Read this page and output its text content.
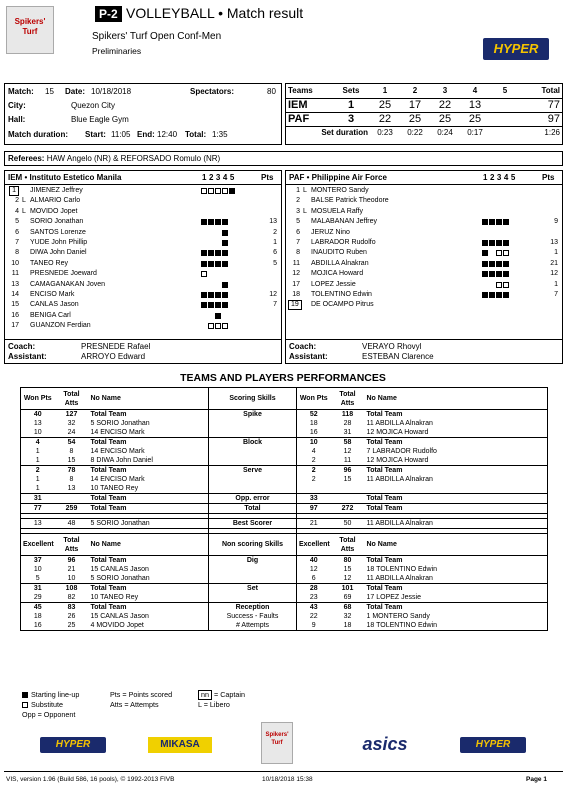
Spikers' Turf
P-2 VOLLEYBALL • Match result
Spikers' Turf Open Conf-Men
Preliminaries	HYPER
Match: 15 Date: 10/18/2018	Spectators:	80
City:	Quezon City
Hall:	Blue Eagle Gym
Match duration: Start: 11:05 End: 12:40 Total: 1:35
Teams	Sets	1	2	3	4	5	Total
IEM	1	25	17	22	13		77
PAF	3	22	25	25	25		97
Set duration		0:23	0:22	0:24	0:17		1:26
Referees: HAW Angelo (NR) & REFORSADO Romulo (NR)
IEM • Instituto Estetico Manila	12345	Pts
1	JIMENEZ Jeffrey
2 L ALMARIO Carlo
4 L MOVIDO Jopet
5 SORIO Jonathan	13
6 SANTOS Lorenze	2
7 YUDE John Phillip	1
8 DIWA John Daniel	6
10 TANEO Rey	5
11 PRESNEDE Joeward
13 CAMAGANAKAN Joven
14 ENCISO Mark	12
15 CANLAS Jason	7
16 BENIGA Carl
17 GUANZON Ferdian
Coach:	PRESNEDE Rafael
Assistant:	ARROYO Edward
PAF • Philippine Air Force	12345	Pts
1 L MONTERO Sandy
2 BALSE Patrick Theodore
3 L MOSUELA Raffy
5 MALABANAN Jeffrey	9
6 JERUZ Nino
7 LABRADOR Rudolfo	13
8 INAUDITO Ruben	1
11 ABDILLA Alnakran	21
12 MOJICA Howard	12
17 LOPEZ Jessie	1
18 TOLENTINO Edwin	7
19 DE OCAMPO Pitrus
Coach:	VERAYO Rhovyl
Assistant:	ESTEBAN Clarence
TEAMS AND PLAYERS PERFORMANCES
Won Pts	Total Atts	No Name	Scoring Skills	Won Pts	Total Atts	No Name
40	127	Total Team	Spike	52	118	Total Team
13	32	5 SORIO Jonathan		18	28	11 ABDILLA Alnakran
10	24	14 ENCISO Mark		16	31	12 MOJICA Howard
4	54	Total Team	Block	10	58	Total Team
1	8	14 ENCISO Mark		4	12	7 LABRADOR Rudolfo
1	15	8 DIWA John Daniel		2	11	12 MOJICA Howard
2	78	Total Team	Serve	2	96	Total Team
1	8	14 ENCISO Mark		2	15	11 ABDILLA Alnakran
1	13	10 TANEO Rey				
31		Total Team	Opp. error	33		Total Team
77	259	Total Team	Total	97	272	Total Team

13	48	5 SORIO Jonathan	Best Scorer	21	50	11 ABDILLA Alnakran

Excellent	Total Atts	No Name	Non scoring Skills	Excellent	Total Atts	No Name
37	96	Total Team	Dig	40	80	Total Team
10	21	15 CANLAS Jason		12	15	18 TOLENTINO Edwin
5	10	5 SORIO Jonathan		6	12	11 ABDILLA Alnakran
31	108	Total Team	Set	28	101	Total Team
29	82	10 TANEO Rey		23	69	17 LOPEZ Jessie
45	83	Total Team	Reception	43	68	Total Team
18	26	15 CANLAS Jason	Success - Faults	22	32	1 MONTERO Sandy
16	25	4 MOVIDO Jopet	# Attempts	9	18	18 TOLENTINO Edwin
Starting line-up
Substitute
Opp = Opponent
Pts = Points scored
Atts = Attempts
nn = Captain
L = Libero
HYPER	MIKASA
Spikers' Turf	asics	HYPER
VIS, version 1.96 (Build 586, 16 pools), © 1992-2013 FIVB	10/18/2018 15:38	Page 1
